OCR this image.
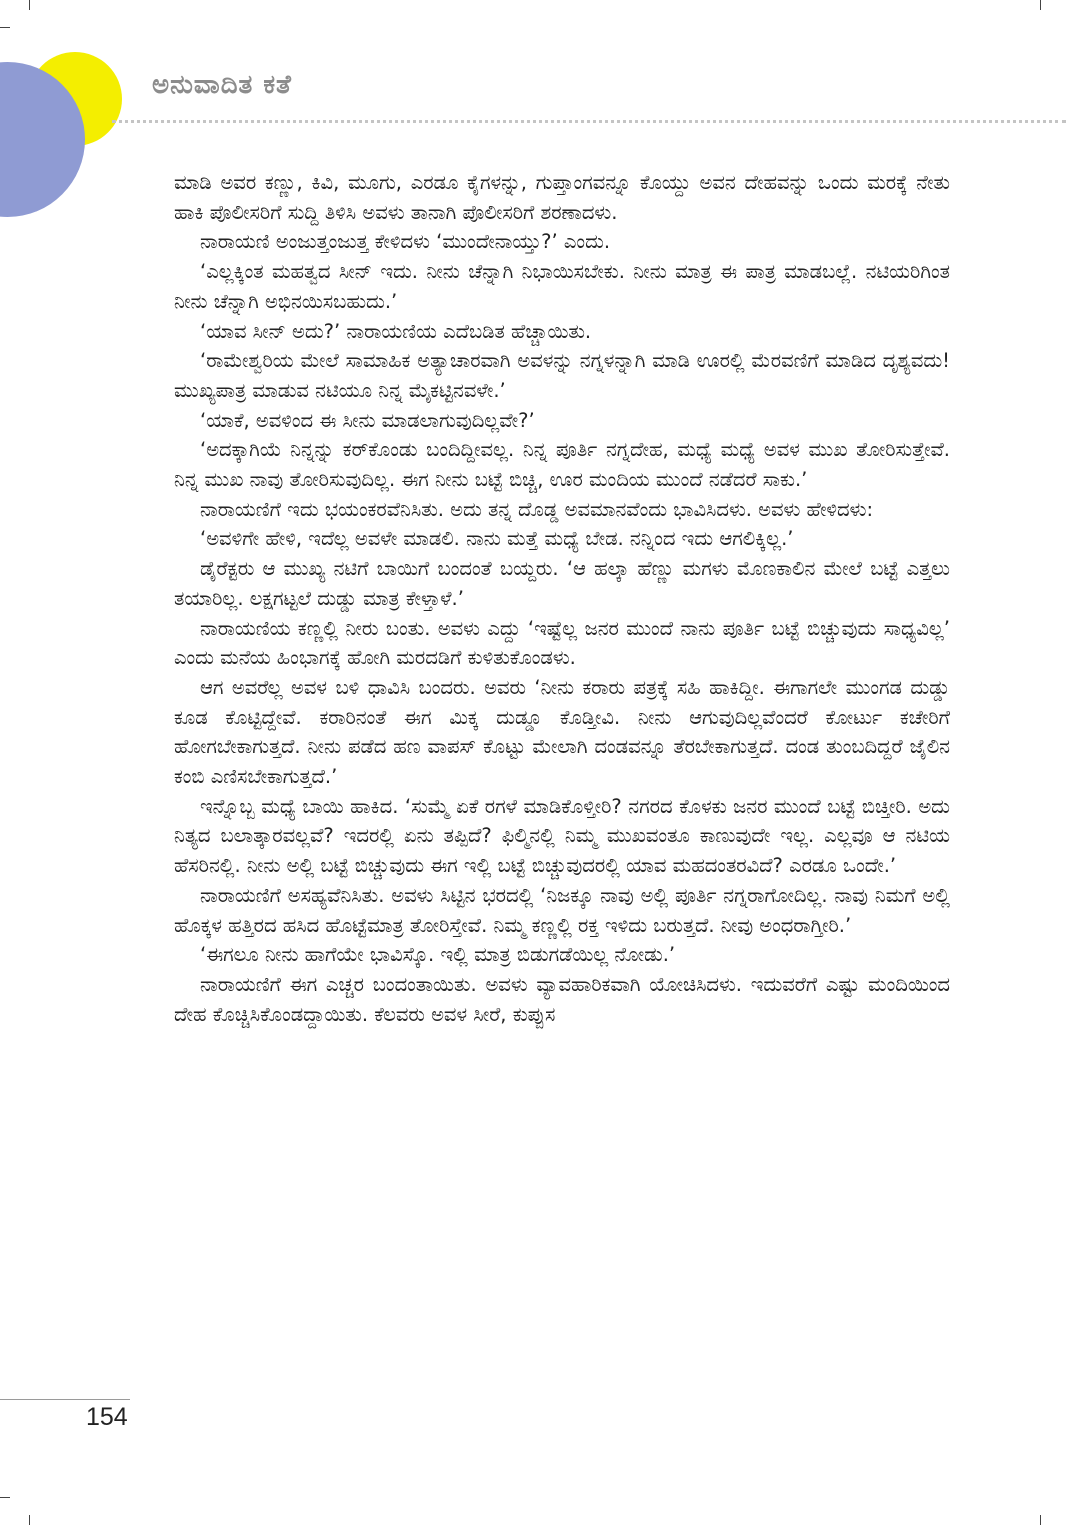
ಅನುವಾದಿತ ಕತೆ

ಮಾಡಿ ಅವರ ಕಣ್ಣು, ಕಿವಿ, ಮೂಗು, ಎರಡೂ ಕೈಗಳನ್ನು, ಗುಪ್ತಾಂಗವನ್ನೂ ಕೊಯ್ದು ಅವನ ದೇಹವನ್ನು ಒಂದು ಮರಕ್ಕೆ ನೇತು ಹಾಕಿ ಪೊಲೀಸರಿಗೆ ಸುದ್ದಿ ತಿಳಿಸಿ ಅವಳು ತಾನಾಗಿ ಪೊಲೀಸರಿಗೆ ಶರಣಾದಳು.

ನಾರಾಯಣಿ ಅಂಜುತ್ತಂಜುತ್ತ ಕೇಳಿದಳು ‘ಮುಂದೇನಾಯ್ತು?’ ಎಂದು.

‘ಎಲ್ಲಕ್ಕಿಂತ ಮಹತ್ವದ ಸೀನ್ ಇದು. ನೀನು ಚೆನ್ನಾಗಿ ನಿಭಾಯಿಸಬೇಕು. ನೀನು ಮಾತ್ರ ಈ ಪಾತ್ರ ಮಾಡಬಲ್ಲೆ. ನಟಿಯರಿಗಿಂತ ನೀನು ಚೆನ್ನಾಗಿ ಅಭಿನಯಿಸಬಹುದು.’

‘ಯಾವ ಸೀನ್ ಅದು?’ ನಾರಾಯಣಿಯ ಎದೆಬಡಿತ ಹೆಚ್ಚಾಯಿತು.

‘ರಾಮೇಶ್ವರಿಯ ಮೇಲೆ ಸಾಮಾಹಿಕ ಅತ್ಯಾಚಾರವಾಗಿ ಅವಳನ್ನು ನಗ್ನಳನ್ನಾಗಿ ಮಾಡಿ ಊರಲ್ಲಿ ಮೆರವಣಿಗೆ ಮಾಡಿದ ದೃಶ್ಯವದು! ಮುಖ್ಯಪಾತ್ರ ಮಾಡುವ ನಟಿಯೂ ನಿನ್ನ ಮೈಕಟ್ಟಿನವಳೇ.’

‘ಯಾಕೆ, ಅವಳಿಂದ ಈ ಸೀನು ಮಾಡಲಾಗುವುದಿಲ್ಲವೇ?’

‘ಅದಕ್ಕಾಗಿಯೆ ನಿನ್ನನ್ನು ಕರ್‌ಕೊಂಡು ಬಂದಿದ್ದೀವಲ್ಲ. ನಿನ್ನ ಪೂರ್ತಿ ನಗ್ನದೇಹ, ಮಧ್ಯೆ ಮಧ್ಯೆ ಅವಳ ಮುಖ ತೋರಿಸುತ್ತೇವೆ. ನಿನ್ನ ಮುಖ ನಾವು ತೋರಿಸುವುದಿಲ್ಲ. ಈಗ ನೀನು ಬಟ್ಟೆ ಬಿಚ್ಚಿ, ಊರ ಮಂದಿಯ ಮುಂದೆ ನಡೆದರೆ ಸಾಕು.’

ನಾರಾಯಣಿಗೆ ಇದು ಭಯಂಕರವೆನಿಸಿತು. ಅದು ತನ್ನ ದೊಡ್ಡ ಅವಮಾನವೆಂದು ಭಾವಿಸಿದಳು. ಅವಳು ಹೇಳಿದಳು:

‘ಅವಳಿಗೇ ಹೇಳಿ, ಇದೆಲ್ಲ ಅವಳೇ ಮಾಡಲಿ. ನಾನು ಮತ್ತೆ ಮಧ್ಯೆ ಬೇಡ. ನನ್ನಿಂದ ಇದು ಆಗಲಿಕ್ಕಿಲ್ಲ.’

ಡೈರೆಕ್ಟರು ಆ ಮುಖ್ಯ ನಟಿಗೆ ಬಾಯಿಗೆ ಬಂದಂತೆ ಬಯ್ದರು. ‘ಆ ಹಲ್ಕಾ ಹೆಣ್ಣು ಮಗಳು ಮೊಣಕಾಲಿನ ಮೇಲೆ ಬಟ್ಟೆ ಎತ್ತಲು ತಯಾರಿಲ್ಲ. ಲಕ್ಷಗಟ್ಟಲೆ ದುಡ್ಡು ಮಾತ್ರ ಕೇಳ್ತಾಳೆ.’

ನಾರಾಯಣಿಯ ಕಣ್ಣಲ್ಲಿ ನೀರು ಬಂತು. ಅವಳು ಎದ್ದು ‘ಇಷ್ಟೆಲ್ಲ ಜನರ ಮುಂದೆ ನಾನು ಪೂರ್ತಿ ಬಟ್ಟೆ ಬಿಚ್ಚುವುದು ಸಾಧ್ಯವಿಲ್ಲ’ ಎಂದು ಮನೆಯ ಹಿಂಭಾಗಕ್ಕೆ ಹೋಗಿ ಮರದಡಿಗೆ ಕುಳಿತುಕೊಂಡಳು.

ಆಗ ಅವರೆಲ್ಲ ಅವಳ ಬಳಿ ಧಾವಿಸಿ ಬಂದರು. ಅವರು ‘ನೀನು ಕರಾರು ಪತ್ರಕ್ಕೆ ಸಹಿ ಹಾಕಿದ್ದೀ. ಈಗಾಗಲೇ ಮುಂಗಡ ದುಡ್ಡು ಕೂಡ ಕೊಟ್ಟಿದ್ದೇವೆ. ಕರಾರಿನಂತೆ ಈಗ ಮಿಕ್ಕ ದುಡ್ಡೂ ಕೊಡ್ತೀವಿ. ನೀನು ಆಗುವುದಿಲ್ಲವೆಂದರೆ ಕೋರ್ಟು ಕಚೇರಿಗೆ ಹೋಗಬೇಕಾಗುತ್ತದೆ. ನೀನು ಪಡೆದ ಹಣ ವಾಪಸ್ ಕೊಟ್ಟು ಮೇಲಾಗಿ ದಂಡವನ್ನೂ ತೆರಬೇಕಾಗುತ್ತದೆ. ದಂಡ ತುಂಬದಿದ್ದರೆ ಜೈಲಿನ ಕಂಬಿ ಎಣಿಸಬೇಕಾಗುತ್ತದೆ.’

ಇನ್ನೊಬ್ಬ ಮಧ್ಯೆ ಬಾಯಿ ಹಾಕಿದ. ‘ಸುಮ್ಮೆ ಏಕೆ ರಗಳೆ ಮಾಡಿಕೊಳ್ತೀರಿ? ನಗರದ ಕೊಳಕು ಜನರ ಮುಂದೆ ಬಟ್ಟೆ ಬಿಚ್ತೀರಿ. ಅದು ನಿತ್ಯದ ಬಲಾತ್ಕಾರವಲ್ಲವೆ? ಇದರಲ್ಲಿ ಏನು ತಪ್ಪಿದೆ? ಫಿಲ್ಮಿನಲ್ಲಿ ನಿಮ್ಮ ಮುಖವಂತೂ ಕಾಣುವುದೇ ಇಲ್ಲ. ಎಲ್ಲವೂ ಆ ನಟಿಯ ಹೆಸರಿನಲ್ಲಿ. ನೀನು ಅಲ್ಲಿ ಬಟ್ಟೆ ಬಿಚ್ಚುವುದು ಈಗ ಇಲ್ಲಿ ಬಟ್ಟೆ ಬಿಚ್ಚುವುದರಲ್ಲಿ ಯಾವ ಮಹದಂತರವಿದೆ? ಎರಡೂ ಒಂದೇ.’

ನಾರಾಯಣಿಗೆ ಅಸಹ್ಯವೆನಿಸಿತು. ಅವಳು ಸಿಟ್ಟಿನ ಭರದಲ್ಲಿ ‘ನಿಜಕ್ಕೂ ನಾವು ಅಲ್ಲಿ ಪೂರ್ತಿ ನಗ್ನರಾಗೋದಿಲ್ಲ. ನಾವು ನಿಮಗೆ ಅಲ್ಲಿ ಹೊಕ್ಕಳ ಹತ್ತಿರದ ಹಸಿದ ಹೊಟ್ಟೆಮಾತ್ರ ತೋರಿಸ್ತೇವೆ. ನಿಮ್ಮ ಕಣ್ಣಲ್ಲಿ ರಕ್ತ ಇಳಿದು ಬರುತ್ತದೆ. ನೀವು ಅಂಧರಾಗ್ತೀರಿ.’

‘ಈಗಲೂ ನೀನು ಹಾಗೆಯೇ ಭಾವಿಸ್ಕೊ. ಇಲ್ಲಿ ಮಾತ್ರ ಬಿಡುಗಡೆಯಿಲ್ಲ ನೋಡು.’

ನಾರಾಯಣಿಗೆ ಈಗ ಎಚ್ಚರ ಬಂದಂತಾಯಿತು. ಅವಳು ವ್ಯಾವಹಾರಿಕವಾಗಿ ಯೋಚಿಸಿದಳು. ಇದುವರೆಗೆ ಎಷ್ಟು ಮಂದಿಯಿಂದ ದೇಹ ಕೊಚ್ಚಿಸಿಕೊಂಡದ್ದಾಯಿತು. ಕೆಲವರು ಅವಳ ಸೀರೆ, ಕುಪ್ಪುಸ

154
